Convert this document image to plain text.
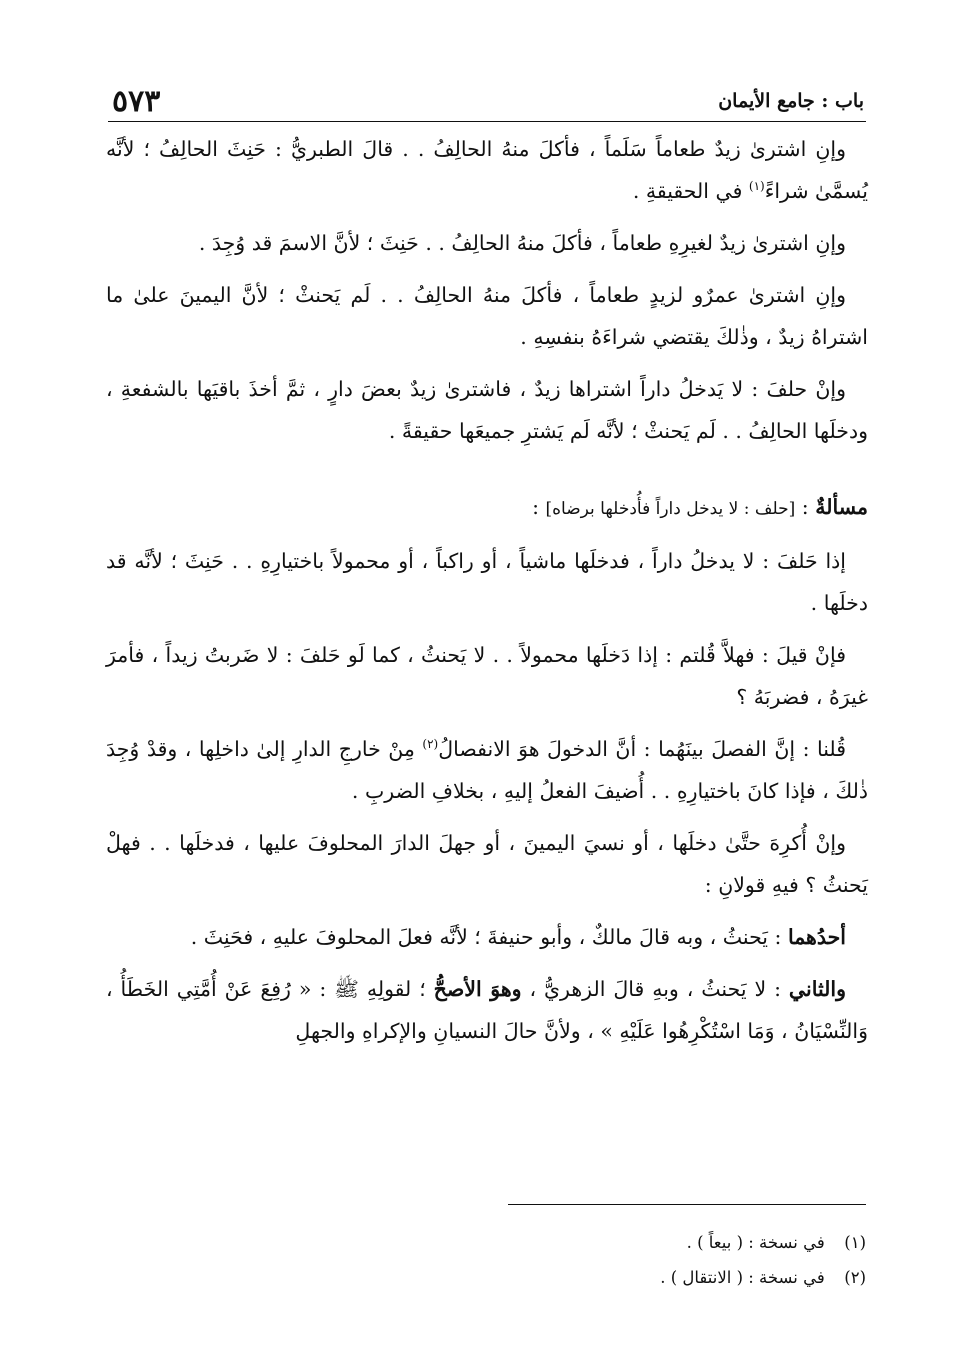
باب : جامع الأيمان
٥٧٣

وإنِ اشترىٰ زيدٌ طعاماً سَلَماً ، فأكلَ منهُ الحالِفُ . . قالَ الطبريُّ : حَنِثَ الحالِفُ ؛ لأنَّه يُسمَّىٰ شراءً$^{(١)}$ في الحقيقةِ .

وإنِ اشترىٰ زيدٌ لغيرِهِ طعاماً ، فأكلَ منهُ الحالِفُ . . حَنِثَ ؛ لأنَّ الاسمَ قد وُجِدَ .

وإنِ اشترىٰ عمرٌو لزيدٍ طعاماً ، فأكلَ منهُ الحالِفُ . . لَم يَحنثْ ؛ لأنَّ اليمينَ علىٰ ما اشتراهُ زيدٌ ، وذٰلكَ يقتضي شراءَهُ بنفسِهِ .

وإنْ حلفَ : لا يَدخلُ داراً اشتراها زيدٌ ، فاشترىٰ زيدٌ بعضَ دارٍ ، ثمَّ أخذَ باقيَها بالشفعةِ ، ودخلَها الحالِفُ . . لَم يَحنثْ ؛ لأنَّه لَم يَشترِ جميعَها حقيقةً .

مسألةٌ : [حلف : لا يدخل داراً فأُدخلها برضاه] :

إذا حَلفَ : لا يدخلُ داراً ، فدخلَها ماشياً ، أو راكباً ، أو محمولاً باختيارِهِ . . حَنِثَ ؛ لأنَّه قد دخلَها .

فإنْ قيلَ : فهلاَّ قُلتم : إذا دَخلَها محمولاً . . لا يَحنثُ ، كما لَو حَلفَ : لا ضَربتُ زيداً ، فأمرَ غيرَهُ ، فضربَهُ ؟

قُلنا : إنَّ الفصلَ بينَهُما : أنَّ الدخولَ هوَ الانفصالُ$^{(٢)}$ مِنْ خارجِ الدارِ إلىٰ داخلِها ، وقدْ وُجِدَ ذٰلكَ ، فإذا كانَ باختيارِهِ . . أُضيفَ الفعلُ إليهِ ، بخلافِ الضربِ .

وإنْ أُكرِهَ حتَّىٰ دخلَها ، أو نسيَ اليمينَ ، أو جهلَ الدارَ المحلوفَ عليها ، فدخلَها . . فهلْ يَحنثُ ؟ فيهِ قولانِ :

أحدُهما : يَحنثُ ، وبه قالَ مالكٌ ، وأبو حنيفةَ ؛ لأنَّه فعلَ المحلوفَ عليهِ ، فحَنِثَ .

والثاني : لا يَحنثُ ، وبهِ قالَ الزهريُّ ، وهوَ الأصحُّ ؛ لقولِهِ ﷺ : « رُفِعَ عَنْ أُمَّتِي الخَطَأُ ، وَالنِّسْيَانُ ، وَمَا اسْتُكْرِهُوا عَلَيْهِ » ، ولأنَّ حالَ النسيانِ والإكراهِ والجهلِ

(١) في نسخة : ( بيعاً ) .
(٢) في نسخة : ( الانتقال ) .
